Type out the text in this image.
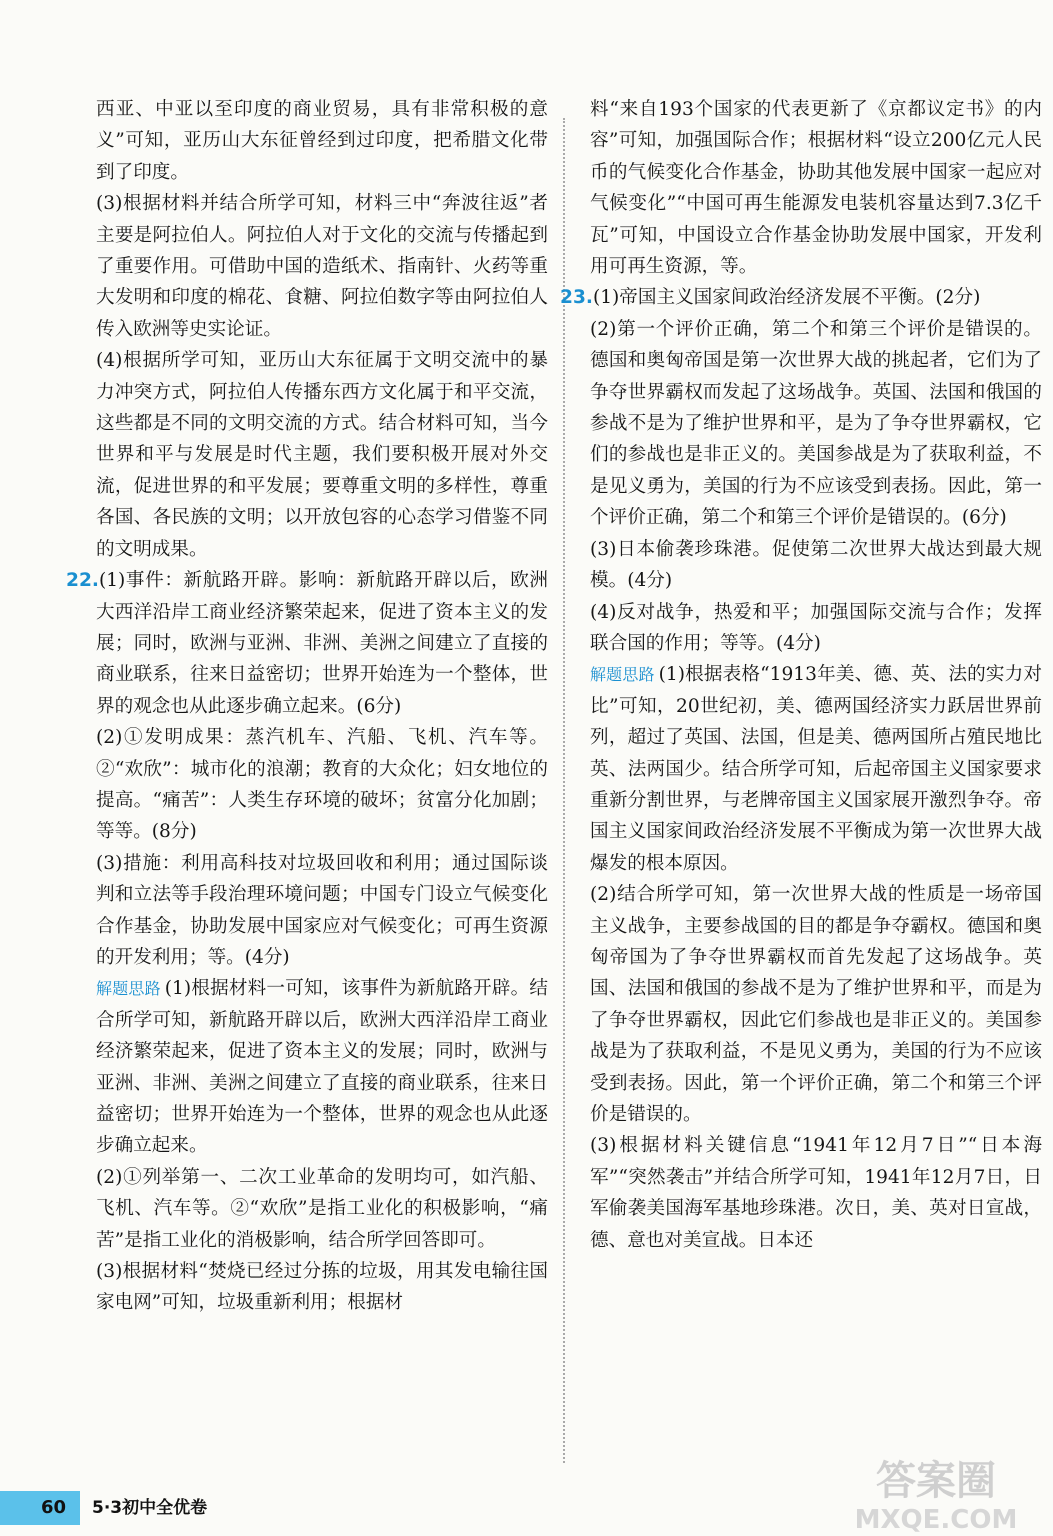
西亚、中亚以至印度的商业贸易，具有非常积极的意义”可知，亚历山大东征曾经到过印度，把希腊文化带到了印度。

(3)根据材料并结合所学可知，材料三中“奔波往返”者主要是阿拉伯人。阿拉伯人对于文化的交流与传播起到了重要作用。可借助中国的造纸术、指南针、火药等重大发明和印度的棉花、食糖、阿拉伯数字等由阿拉伯人传入欧洲等史实论证。

(4)根据所学可知，亚历山大东征属于文明交流中的暴力冲突方式，阿拉伯人传播东西方文化属于和平交流，这些都是不同的文明交流的方式。结合材料可知，当今世界和平与发展是时代主题，我们要积极开展对外交流，促进世界的和平发展；要尊重文明的多样性，尊重各国、各民族的文明；以开放包容的心态学习借鉴不同的文明成果。

22.(1)事件：新航路开辟。影响：新航路开辟以后，欧洲大西洋沿岸工商业经济繁荣起来，促进了资本主义的发展；同时，欧洲与亚洲、非洲、美洲之间建立了直接的商业联系，往来日益密切；世界开始连为一个整体，世界的观念也从此逐步确立起来。(6分)

(2)①发明成果：蒸汽机车、汽船、飞机、汽车等。②“欢欣”：城市化的浪潮；教育的大众化；妇女地位的提高。“痛苦”：人类生存环境的破坏；贫富分化加剧；等等。(8分)

(3)措施：利用高科技对垃圾回收和利用；通过国际谈判和立法等手段治理环境问题；中国专门设立气候变化合作基金，协助发展中国家应对气候变化；可再生资源的开发利用；等。(4分)

解题思路 (1)根据材料一可知，该事件为新航路开辟。结合所学可知，新航路开辟以后，欧洲大西洋沿岸工商业经济繁荣起来，促进了资本主义的发展；同时，欧洲与亚洲、非洲、美洲之间建立了直接的商业联系，往来日益密切；世界开始连为一个整体，世界的观念也从此逐步确立起来。

(2)①列举第一、二次工业革命的发明均可，如汽船、飞机、汽车等。②“欢欣”是指工业化的积极影响，“痛苦”是指工业化的消极影响，结合所学回答即可。

(3)根据材料“焚烧已经过分拣的垃圾，用其发电输往国家电网”可知，垃圾重新利用；根据材

料“来自193个国家的代表更新了《京都议定书》的内容”可知，加强国际合作；根据材料“设立200亿元人民币的气候变化合作基金，协助其他发展中国家一起应对气候变化”“中国可再生能源发电装机容量达到7.3亿千瓦”可知，中国设立合作基金协助发展中国家，开发利用可再生资源，等。

23.(1)帝国主义国家间政治经济发展不平衡。(2分)

(2)第一个评价正确，第二个和第三个评价是错误的。德国和奥匈帝国是第一次世界大战的挑起者，它们为了争夺世界霸权而发起了这场战争。英国、法国和俄国的参战不是为了维护世界和平，是为了争夺世界霸权，它们的参战也是非正义的。美国参战是为了获取利益，不是见义勇为，美国的行为不应该受到表扬。因此，第一个评价正确，第二个和第三个评价是错误的。(6分)

(3)日本偷袭珍珠港。促使第二次世界大战达到最大规模。(4分)

(4)反对战争，热爱和平；加强国际交流与合作；发挥联合国的作用；等等。(4分)

解题思路 (1)根据表格“1913年美、德、英、法的实力对比”可知，20世纪初，美、德两国经济实力跃居世界前列，超过了英国、法国，但是美、德两国所占殖民地比英、法两国少。结合所学可知，后起帝国主义国家要求重新分割世界，与老牌帝国主义国家展开激烈争夺。帝国主义国家间政治经济发展不平衡成为第一次世界大战爆发的根本原因。

(2)结合所学可知，第一次世界大战的性质是一场帝国主义战争，主要参战国的目的都是争夺霸权。德国和奥匈帝国为了争夺世界霸权而首先发起了这场战争。英国、法国和俄国的参战不是为了维护世界和平，而是为了争夺世界霸权，因此它们参战也是非正义的。美国参战是为了获取利益，不是见义勇为，美国的行为不应该受到表扬。因此，第一个评价正确，第二个和第三个评价是错误的。

(3)根据材料关键信息“1941年12月7日”“日本海军”“突然袭击”并结合所学可知，1941年12月7日，日军偷袭美国海军基地珍珠港。次日，美、英对日宣战，德、意也对美宣战。日本还

60	5·3初中全优卷
答案圈
MXQE.COM
